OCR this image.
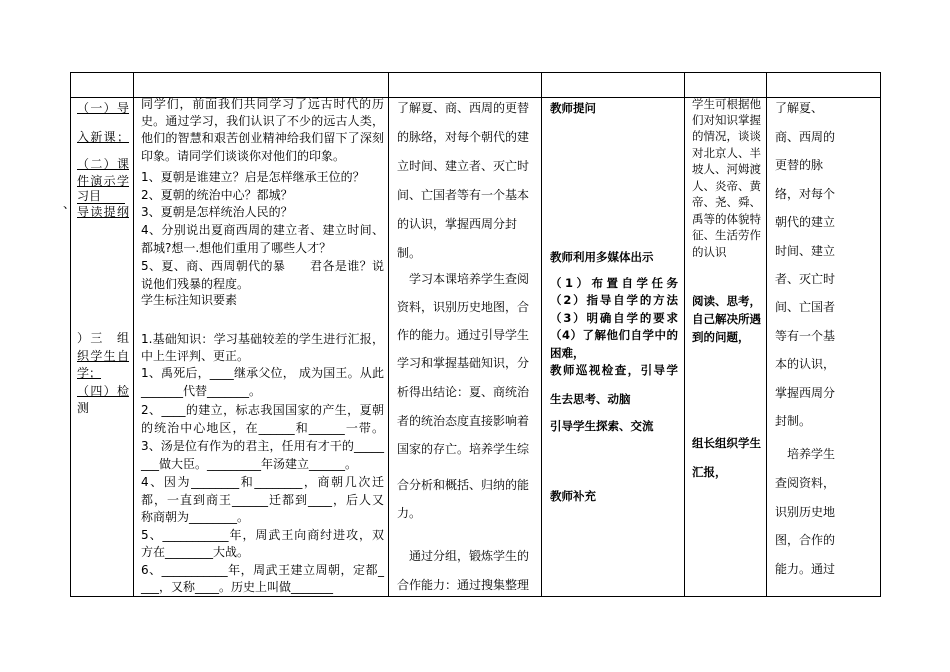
、
（一）导
入新课；
（二）课
件演示学
习目
导读提纲
）三　组
织学生自
学；
（四）检
测
同学们，前面我们共同学习了远古时代的历
史。通过学习，我们认识了不少的远古人类，
他们的智慧和艰苦创业精神给我们留下了深刻
印象。请同学们谈谈你对他们的印象。
1、夏朝是谁建立？启是怎样继承王位的？
2、夏朝的统治中心？都城？
3、夏朝是怎样统治人民的？
4、分别说出夏商西周的建立者、建立时间、
都城?想一.想他们重用了哪些人才？
5、夏、商、西周朝代的暴　　君各是谁？说
说他们残暴的程度。
学生标注知识要素
1.基础知识：学习基础较差的学生进行汇报，
中上生评判、更正。
1、禹死后，____继承父位， 成为国王。从此
_______代替_______。
2、____的建立，标志我国国家的产生，夏朝
的统治中心地区，在______和______一带。
3、汤是位有作为的君主，任用有才干的_____
___做大臣。_________年汤建立______。
4、因为________和________，商朝几次迁
都，一直到商王______迁都到____，后人又
称商朝为________。
5、___________年，周武王向商纣进攻，双
方在________大战。
6、___________年，周武王建立周朝，定都_
___，又称____。历史上叫做_______
了解夏、商、西周的更替
的脉络，对每个朝代的建
立时间、建立者、灭亡时
间、亡国者等有一个基本
的认识，掌握西周分封
制。
学习本课培养学生查阅
资料，识别历史地图，合
作的能力。通过引导学生
学习和掌握基础知识，分
析得出结论：夏、商统治
者的统治态度直接影响着
国家的存亡。培养学生综
合分析和概括、归纳的能
力。
通过分组，锻炼学生的
合作能力：通过搜集整理
教师提问
教师利用多媒体出示
（1）布置自学任务
（2）指导自学的方法
（3）明确自学的要求
（4）了解他们自学中的
困难，
教师巡视检查，引导学
生去思考、动脑
引导学生探索、交流
教师补充
学生可根据他
们对知识掌握
的情况，谈谈
对北京人、半
坡人、河姆渡
人、炎帝、黄
帝、尧、舜、
禹等的体貌特
征、生活劳作
的认识
阅读、思考，
自己解决所遇
到的问题，
组长组织学生
汇报，
了解夏、
商、西周的
更替的脉
络，对每个
朝代的建立
时间、建立
者、灭亡时
间、亡国者
等有一个基
本的认识，
掌握西周分
封制。
培养学生
查阅资料，
识别历史地
图，合作的
能力。通过
